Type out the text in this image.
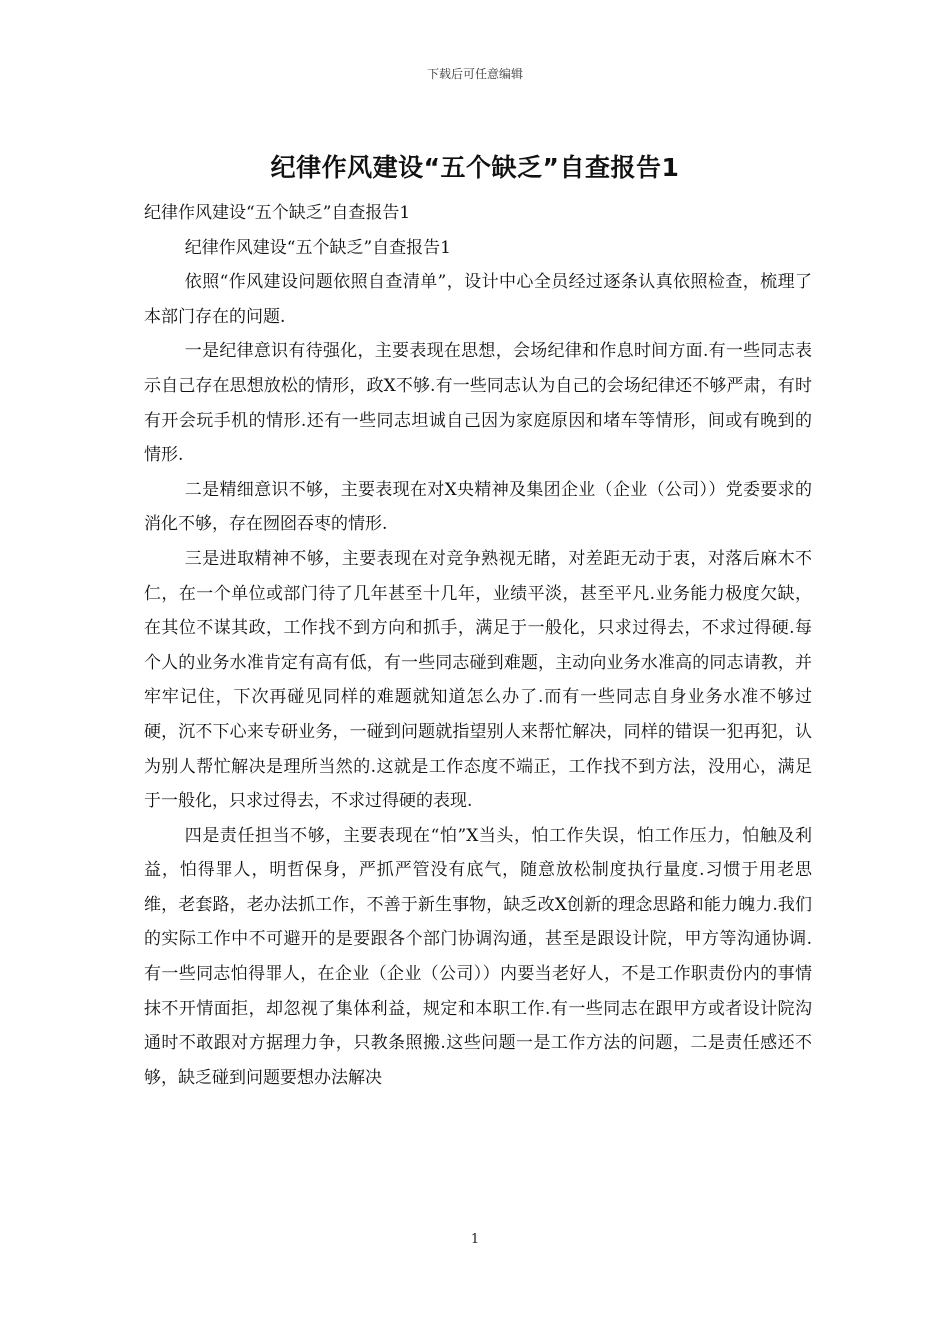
下载后可任意编辑
纪律作风建设“五个缺乏”自查报告1

纪律作风建设“五个缺乏”自查报告1

纪律作风建设“五个缺乏”自查报告1

依照“作风建设问题依照自查清单”，设计中心全员经过逐条认真依照检查，梳理了本部门存在的问题.

一是纪律意识有待强化，主要表现在思想，会场纪律和作息时间方面.有一些同志表示自己存在思想放松的情形，政X不够.有一些同志认为自己的会场纪律还不够严肃，有时有开会玩手机的情形.还有一些同志坦诚自己因为家庭原因和堵车等情形，间或有晚到的情形.

二是精细意识不够，主要表现在对X央精神及集团企业（企业（公司））党委要求的消化不够，存在囫囵吞枣的情形.

三是进取精神不够，主要表现在对竞争熟视无睹，对差距无动于衷，对落后麻木不仁，在一个单位或部门待了几年甚至十几年，业绩平淡，甚至平凡.业务能力极度欠缺，在其位不谋其政，工作找不到方向和抓手，满足于一般化，只求过得去，不求过得硬.每个人的业务水准肯定有高有低，有一些同志碰到难题，主动向业务水准高的同志请教，并牢牢记住，下次再碰见同样的难题就知道怎么办了.而有一些同志自身业务水准不够过硬，沉不下心来专研业务，一碰到问题就指望别人来帮忙解决，同样的错误一犯再犯，认为别人帮忙解决是理所当然的.这就是工作态度不端正，工作找不到方法，没用心，满足于一般化，只求过得去，不求过得硬的表现.

四是责任担当不够，主要表现在“怕”X当头，怕工作失误，怕工作压力，怕触及利益，怕得罪人，明哲保身，严抓严管没有底气，随意放松制度执行量度.习惯于用老思维，老套路，老办法抓工作，不善于新生事物，缺乏改X创新的理念思路和能力魄力.我们的实际工作中不可避开的是要跟各个部门协调沟通，甚至是跟设计院，甲方等沟通协调.有一些同志怕得罪人，在企业（企业（公司））内要当老好人，不是工作职责份内的事情抹不开情面拒，却忽视了集体利益，规定和本职工作.有一些同志在跟甲方或者设计院沟通时不敢跟对方据理力争，只教条照搬.这些问题一是工作方法的问题，二是责任感还不够，缺乏碰到问题要想办法解决

1
